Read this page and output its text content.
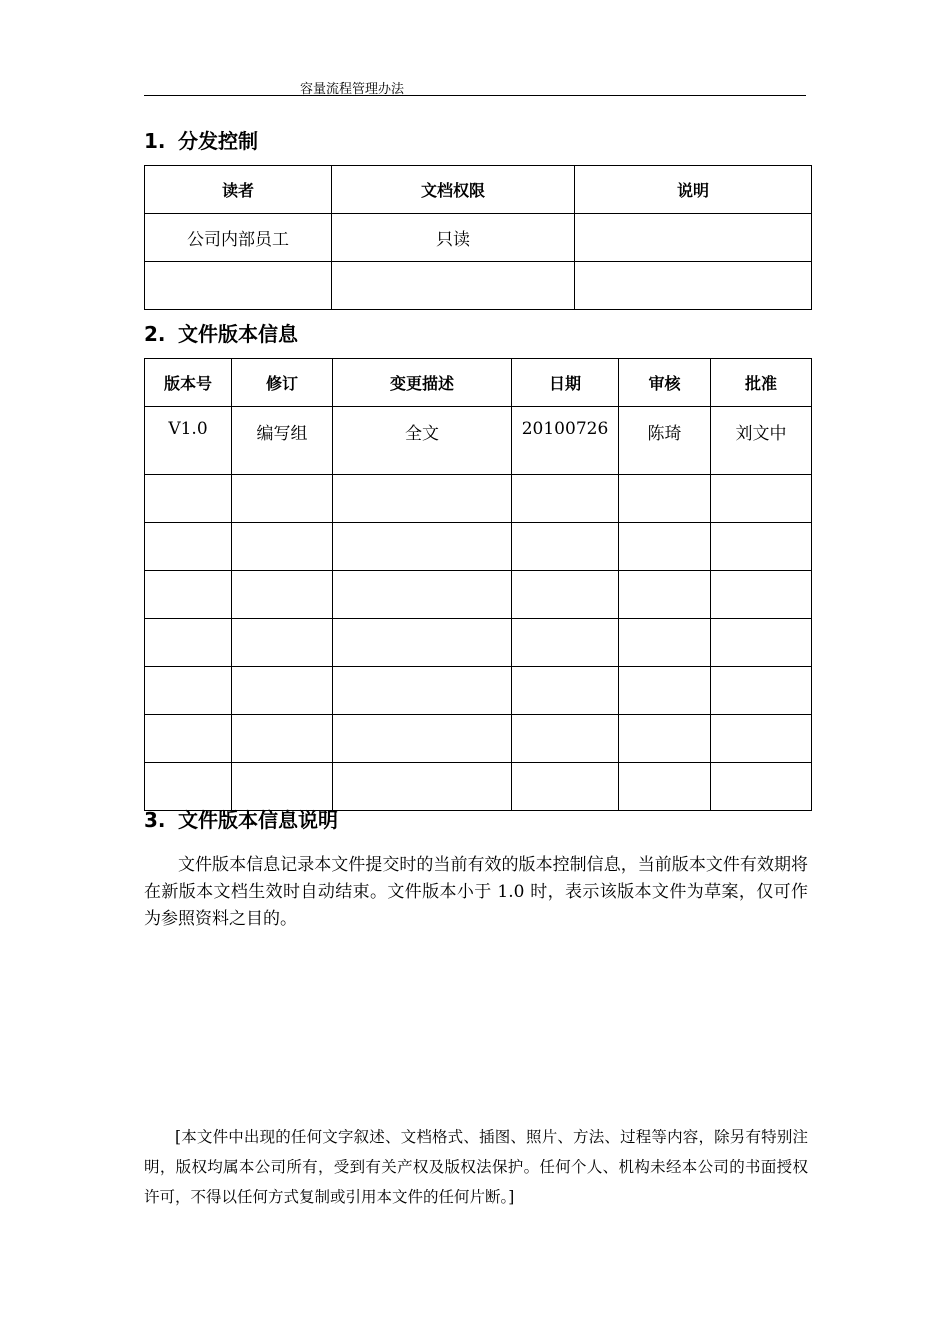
容量流程管理办法
1. 分发控制
读者	文档权限	说明
公司内部员工	只读	

2. 文件版本信息
版本号	修订	变更描述	日期	审核	批准
V1.0	编写组	全文	20100726	陈琦	刘文中

3. 文件版本信息说明

文件版本信息记录本文件提交时的当前有效的版本控制信息，当前版本文件有效期将在新版本文档生效时自动结束。文件版本小于 1.0 时，表示该版本文件为草案，仅可作为参照资料之目的。

[本文件中出现的任何文字叙述、文档格式、插图、照片、方法、过程等内容，除另有特别注明，版权均属本公司所有，受到有关产权及版权法保护。任何个人、机构未经本公司的书面授权许可，不得以任何方式复制或引用本文件的任何片断。]
